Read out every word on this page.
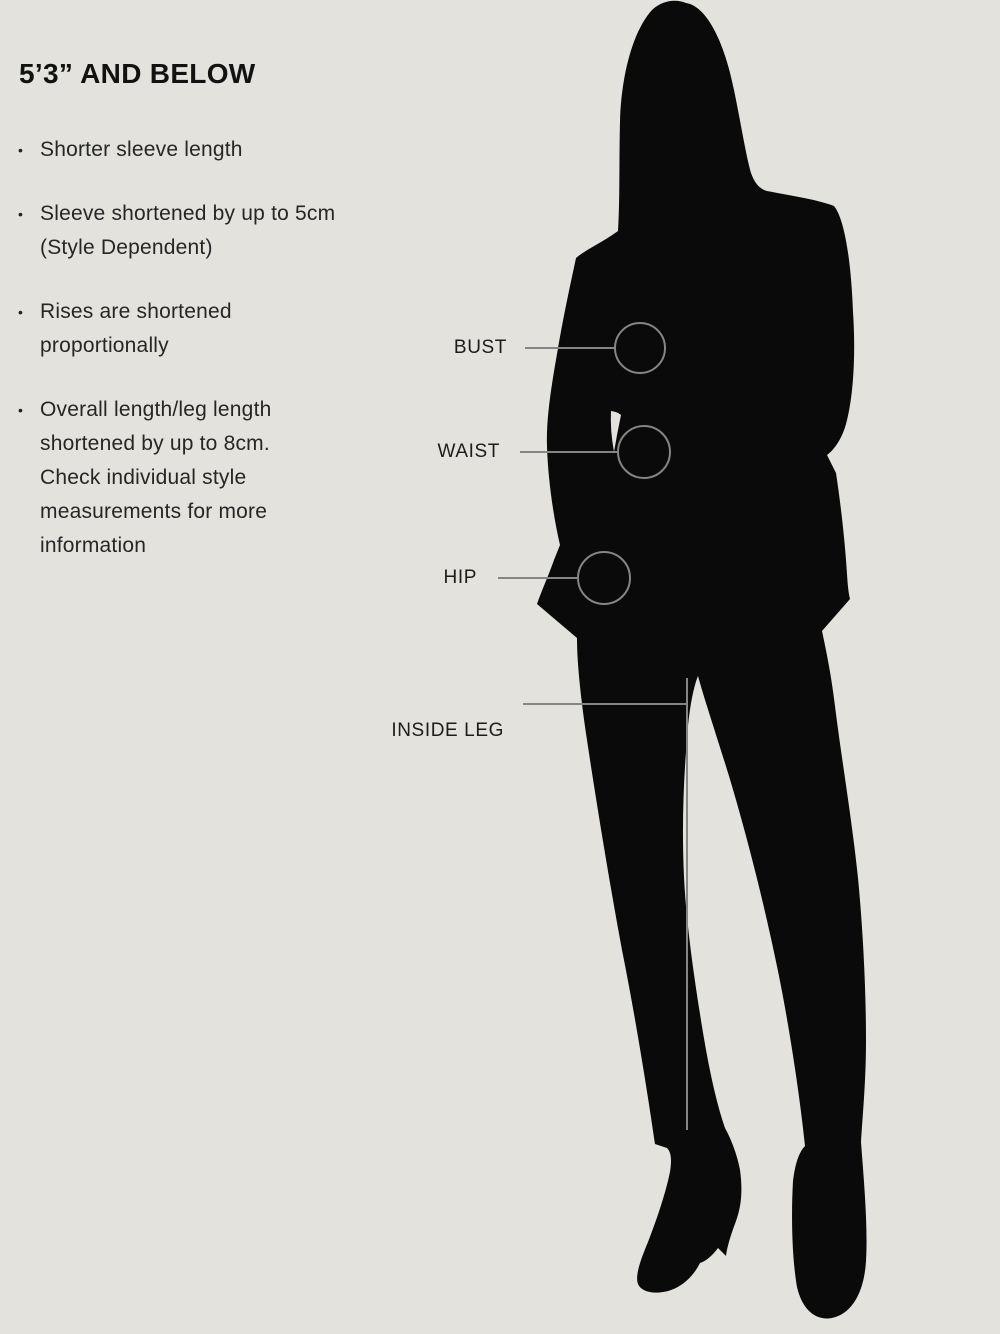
5’3” AND BELOW
• Shorter sleeve length
• Sleeve shortened by up to 5cm
(Style Dependent)
• Rises are shortened
proportionally
• Overall length/leg length
shortened by up to 8cm.
Check individual style
measurements for more
information
BUST
WAIST
HIP
INSIDE LEG
